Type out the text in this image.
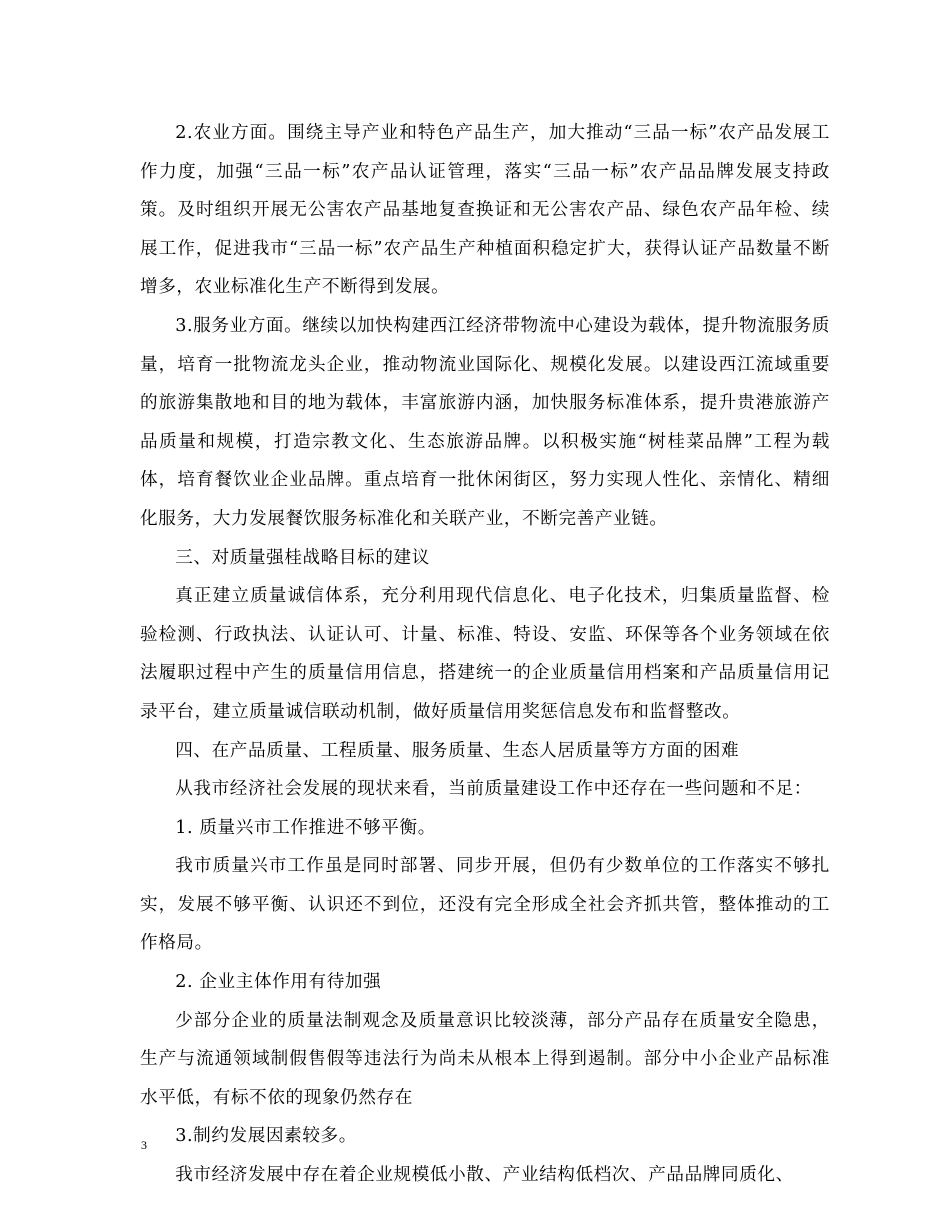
2.农业方面。围绕主导产业和特色产品生产，加大推动“三品一标”农产品发展工作力度，加强“三品一标”农产品认证管理，落实“三品一标”农产品品牌发展支持政策。及时组织开展无公害农产品基地复查换证和无公害农产品、绿色农产品年检、续展工作，促进我市“三品一标”农产品生产种植面积稳定扩大，获得认证产品数量不断增多，农业标准化生产不断得到发展。

3.服务业方面。继续以加快构建西江经济带物流中心建设为载体，提升物流服务质量，培育一批物流龙头企业，推动物流业国际化、规模化发展。以建设西江流域重要的旅游集散地和目的地为载体，丰富旅游内涵，加快服务标准体系，提升贵港旅游产品质量和规模，打造宗教文化、生态旅游品牌。以积极实施“树桂菜品牌”工程为载体，培育餐饮业企业品牌。重点培育一批休闲街区，努力实现人性化、亲情化、精细化服务，大力发展餐饮服务标准化和关联产业，不断完善产业链。

三、对质量强桂战略目标的建议

真正建立质量诚信体系，充分利用现代信息化、电子化技术，归集质量监督、检验检测、行政执法、认证认可、计量、标准、特设、安监、环保等各个业务领域在依法履职过程中产生的质量信用信息，搭建统一的企业质量信用档案和产品质量信用记录平台，建立质量诚信联动机制，做好质量信用奖惩信息发布和监督整改。

四、在产品质量、工程质量、服务质量、生态人居质量等方方面的困难

从我市经济社会发展的现状来看，当前质量建设工作中还存在一些问题和不足：

1. 质量兴市工作推进不够平衡。

我市质量兴市工作虽是同时部署、同步开展，但仍有少数单位的工作落实不够扎实，发展不够平衡、认识还不到位，还没有完全形成全社会齐抓共管，整体推动的工作格局。

2. 企业主体作用有待加强

少部分企业的质量法制观念及质量意识比较淡薄，部分产品存在质量安全隐患，生产与流通领域制假售假等违法行为尚未从根本上得到遏制。部分中小企业产品标准水平低，有标不依的现象仍然存在

3.制约发展因素较多。

我市经济发展中存在着企业规模低小散、产业结构低档次、产品品牌同质化、

3
